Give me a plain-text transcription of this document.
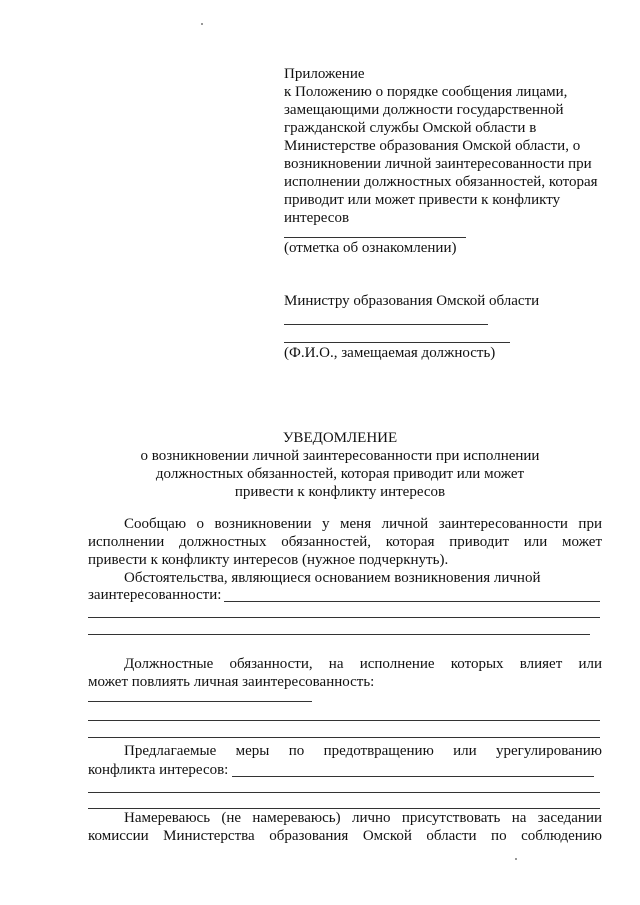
Приложение
к Положению о порядке сообщения лицами,
замещающими должности государственной
гражданской службы Омской области в
Министерстве образования Омской области, о
возникновении личной заинтересованности при
исполнении должностных обязанностей, которая
приводит или может привести к конфликту
интересов
(отметка об ознакомлении)
Министру образования Омской области
(Ф.И.О., замещаемая должность)
УВЕДОМЛЕНИЕ
о возникновении личной заинтересованности при исполнении
должностных обязанностей, которая приводит или может
привести к конфликту интересов
Сообщаю о возникновении у меня личной заинтересованности при
исполнении должностных обязанностей, которая приводит или может
привести к конфликту интересов (нужное подчеркнуть).
Обстоятельства, являющиеся основанием возникновения личной
заинтересованности:
Должностные обязанности, на исполнение которых влияет или
может повлиять личная заинтересованность:
Предлагаемые меры по предотвращению или урегулированию
конфликта интересов:
Намереваюсь (не намереваюсь) лично присутствовать на заседании
комиссии Министерства образования Омской области по соблюдению
